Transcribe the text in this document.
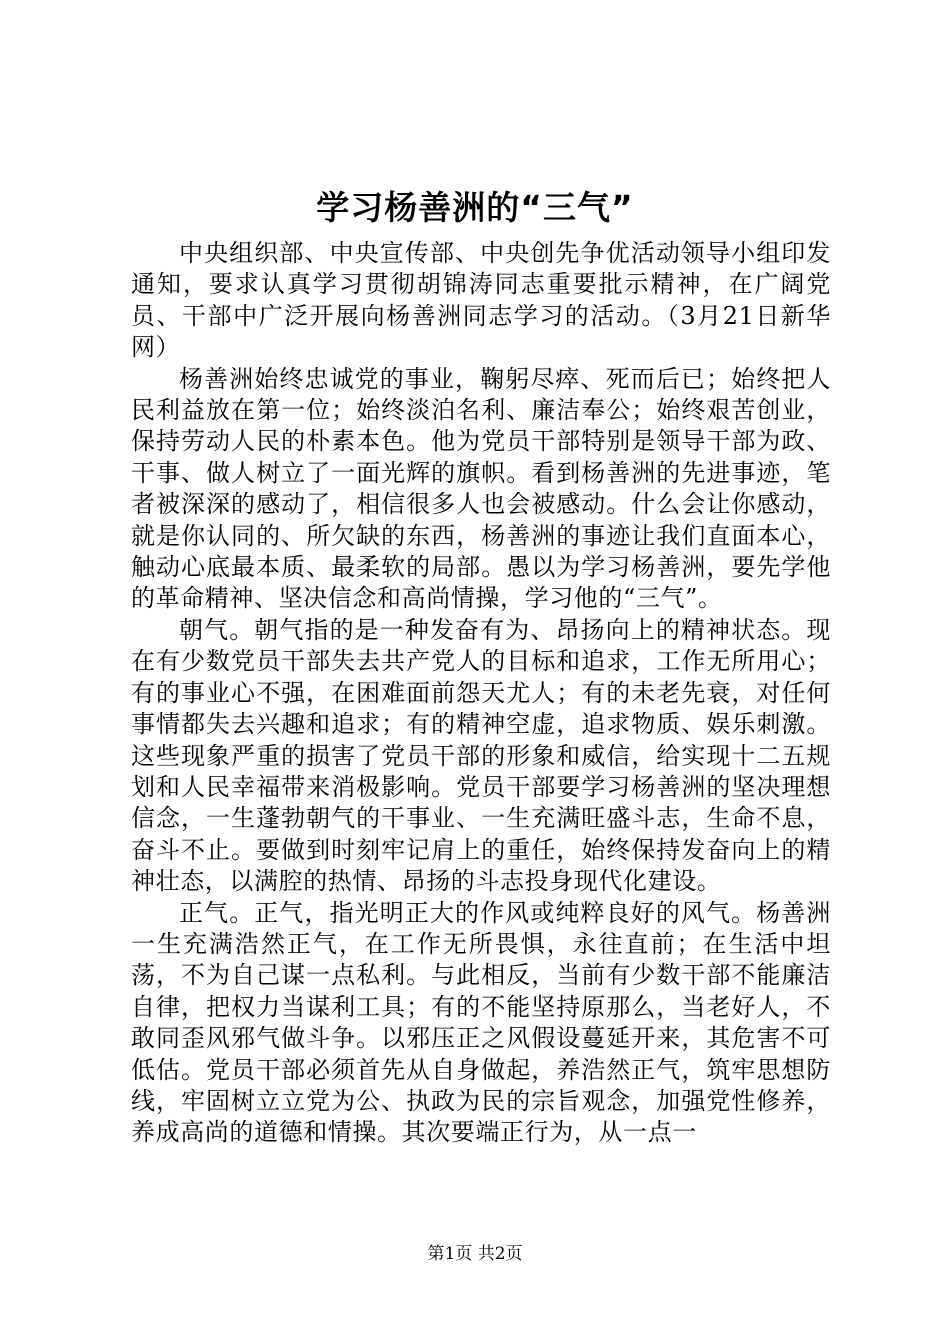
学习杨善洲的“三气”

中央组织部、中央宣传部、中央创先争优活动领导小组印发通知，要求认真学习贯彻胡锦涛同志重要批示精神，在广阔党员、干部中广泛开展向杨善洲同志学习的活动。（3月21日新华网）

杨善洲始终忠诚党的事业，鞠躬尽瘁、死而后已；始终把人民利益放在第一位；始终淡泊名利、廉洁奉公；始终艰苦创业，保持劳动人民的朴素本色。他为党员干部特别是领导干部为政、干事、做人树立了一面光辉的旗帜。看到杨善洲的先进事迹，笔者被深深的感动了，相信很多人也会被感动。什么会让你感动，就是你认同的、所欠缺的东西，杨善洲的事迹让我们直面本心，触动心底最本质、最柔软的局部。愚以为学习杨善洲，要先学他的革命精神、坚决信念和高尚情操，学习他的“三气”。

朝气。朝气指的是一种发奋有为、昂扬向上的精神状态。现在有少数党员干部失去共产党人的目标和追求，工作无所用心；有的事业心不强，在困难面前怨天尤人；有的未老先衰，对任何事情都失去兴趣和追求；有的精神空虚，追求物质、娱乐刺激。这些现象严重的损害了党员干部的形象和威信，给实现十二五规划和人民幸福带来消极影响。党员干部要学习杨善洲的坚决理想信念，一生蓬勃朝气的干事业、一生充满旺盛斗志，生命不息，奋斗不止。要做到时刻牢记肩上的重任，始终保持发奋向上的精神壮态，以满腔的热情、昂扬的斗志投身现代化建设。

正气。正气，指光明正大的作风或纯粹良好的风气。杨善洲一生充满浩然正气，在工作无所畏惧，永往直前；在生活中坦荡，不为自己谋一点私利。与此相反，当前有少数干部不能廉洁自律，把权力当谋利工具；有的不能坚持原那么，当老好人，不敢同歪风邪气做斗争。以邪压正之风假设蔓延开来，其危害不可低估。党员干部必须首先从自身做起，养浩然正气，筑牢思想防线，牢固树立立党为公、执政为民的宗旨观念，加强党性修养，养成高尚的道德和情操。其次要端正行为，从一点一

第1页 共2页
